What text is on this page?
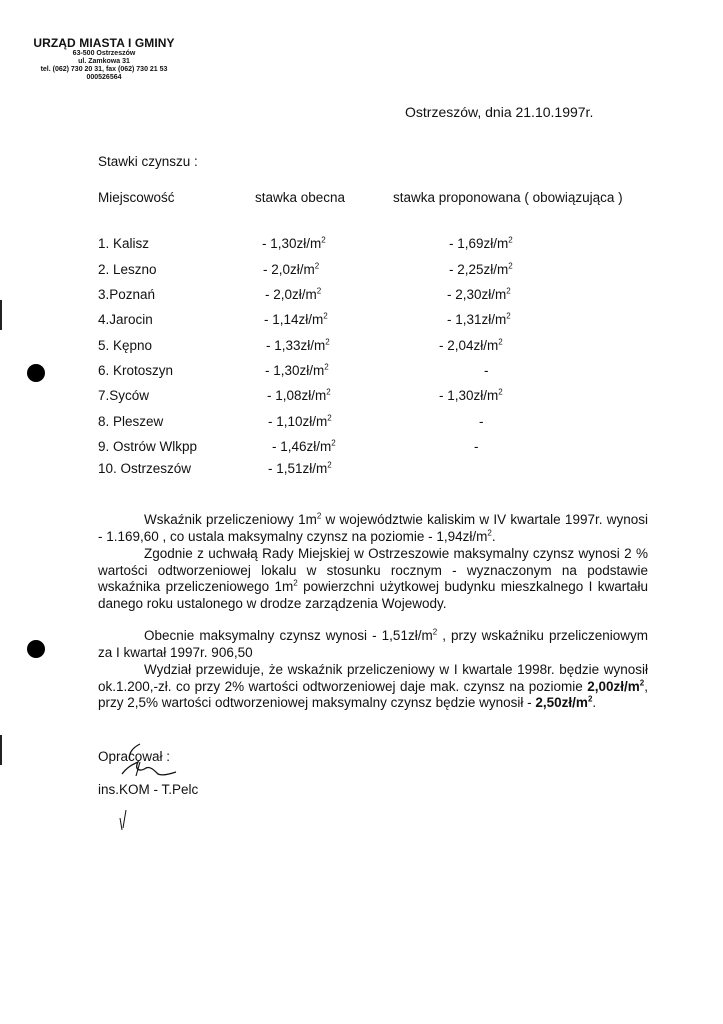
URZĄD MIASTA I GMINY
63-500 Ostrzeszów
ul. Zamkowa 31
tel. (062) 730 20 31, fax (062) 730 21 53
000526564
Ostrzeszów, dnia 21.10.1997r.
Stawki czynszu :
Miejscowość	stawka obecna	stawka proponowana ( obowiązująca )
1. Kalisz	- $1,30zł/m^2$	- $1,69zł/m^2$
2. Leszno	- $2,0zł/m^2$	- $2,25zł/m^2$
3.Poznań	- $2,0zł/m^2$	- $2,30zł/m^2$
4.Jarocin	- $1,14zł/m^2$	- $1,31zł/m^2$
5. Kępno	- $1,33zł/m^2$	- $2,04zł/m^2$
6. Krotoszyn	- $1,30zł/m^2$	-
7.Syców	- $1,08zł/m^2$	- $1,30zł/m^2$
8. Pleszew	- $1,10zł/m^2$	-
9. Ostrów Wlkpp	- $1,46zł/m^2$	-
10. Ostrzeszów	- $1,51zł/m^2$
Wskaźnik przeliczeniowy $1m^2$ w województwie kaliskim w IV kwartale 1997r. wynosi - 1.169,60 , co ustala maksymalny czynsz na poziomie - $1,94zł/m^2$.
Zgodnie z uchwałą Rady Miejskiej w Ostrzeszowie maksymalny czynsz wynosi 2 % wartości odtworzeniowej lokalu w stosunku rocznym - wyznaczonym na podstawie wskaźnika przeliczeniowego $1m^2$ powierzchni użytkowej budynku mieszkalnego I kwartału danego roku ustalonego w drodze zarządzenia Wojewody.
Obecnie maksymalny czynsz wynosi - $1,51zł/m^2$ , przy wskaźniku przeliczeniowym za I kwartał 1997r. 906,50
Wydział przewiduje, że wskaźnik przeliczeniowy w I kwartale 1998r. będzie wynosił ok.1.200,-zł. co przy 2% wartości odtworzeniowej daje mak. czynsz na poziomie $2,00zł/m^2$, przy 2,5% wartości odtworzeniowej maksymalny czynsz będzie wynosił - $2,50zł/m^2$.
Opracował :
ins.KOM - T.Pelc
